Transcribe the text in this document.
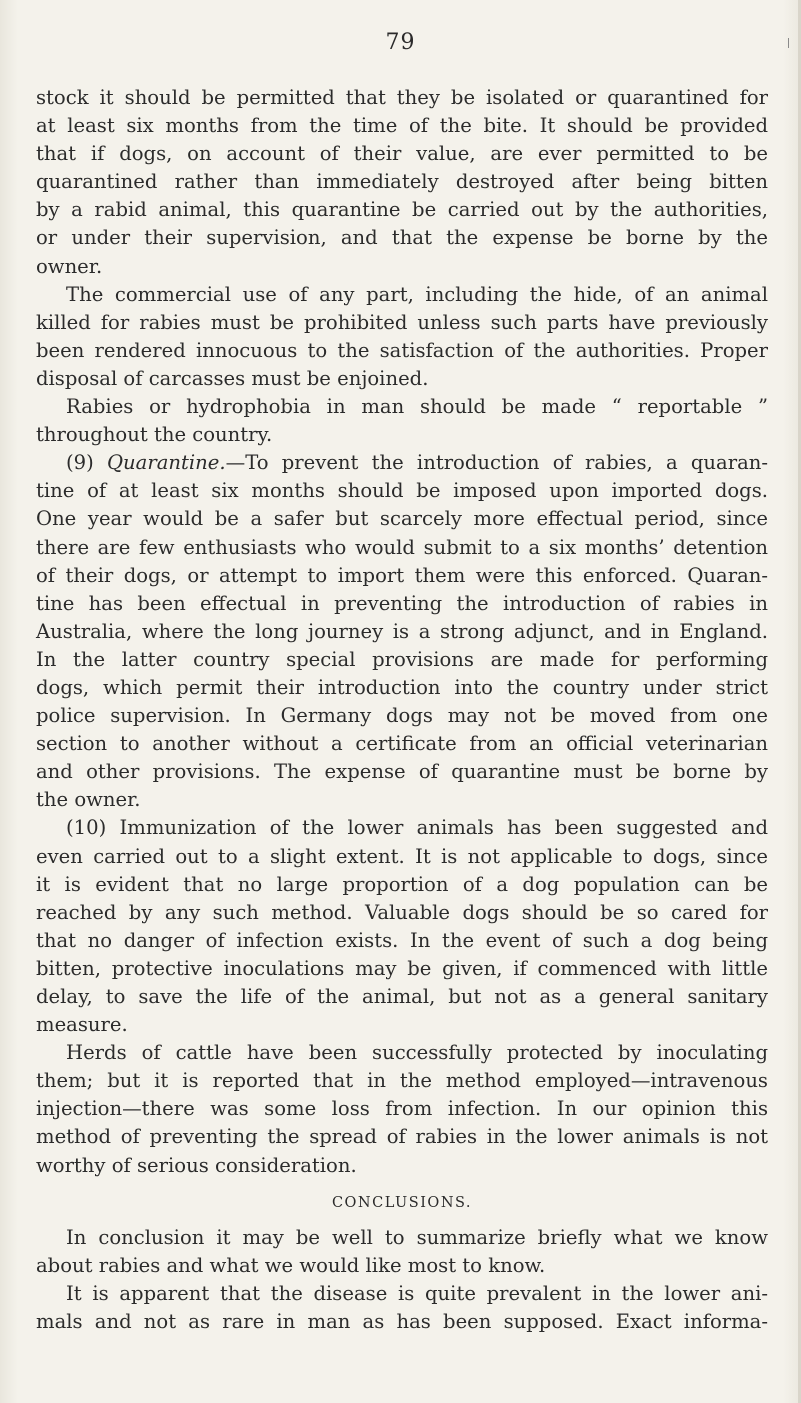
79
stock it should be permitted that they be isolated or quarantined for
at least six months from the time of the bite. It should be provided
that if dogs, on account of their value, are ever permitted to be
quarantined rather than immediately destroyed after being bitten
by a rabid animal, this quarantine be carried out by the authorities,
or under their supervision, and that the expense be borne by the
owner.
The commercial use of any part, including the hide, of an animal
killed for rabies must be prohibited unless such parts have previously
been rendered innocuous to the satisfaction of the authorities. Proper
disposal of carcasses must be enjoined.
Rabies or hydrophobia in man should be made “ reportable ”
throughout the country.
(9) Quarantine.—To prevent the introduction of rabies, a quaran-
tine of at least six months should be imposed upon imported dogs.
One year would be a safer but scarcely more effectual period, since
there are few enthusiasts who would submit to a six months’ detention
of their dogs, or attempt to import them were this enforced. Quaran-
tine has been effectual in preventing the introduction of rabies in
Australia, where the long journey is a strong adjunct, and in England.
In the latter country special provisions are made for performing
dogs, which permit their introduction into the country under strict
police supervision. In Germany dogs may not be moved from one
section to another without a certificate from an official veterinarian
and other provisions. The expense of quarantine must be borne by
the owner.
(10) Immunization of the lower animals has been suggested and
even carried out to a slight extent. It is not applicable to dogs, since
it is evident that no large proportion of a dog population can be
reached by any such method. Valuable dogs should be so cared for
that no danger of infection exists. In the event of such a dog being
bitten, protective inoculations may be given, if commenced with little
delay, to save the life of the animal, but not as a general sanitary
measure.
Herds of cattle have been successfully protected by inoculating
them; but it is reported that in the method employed—intravenous
injection—there was some loss from infection. In our opinion this
method of preventing the spread of rabies in the lower animals is not
worthy of serious consideration.
CONCLUSIONS.
In conclusion it may be well to summarize briefly what we know
about rabies and what we would like most to know.
It is apparent that the disease is quite prevalent in the lower ani-
mals and not as rare in man as has been supposed. Exact informa-
